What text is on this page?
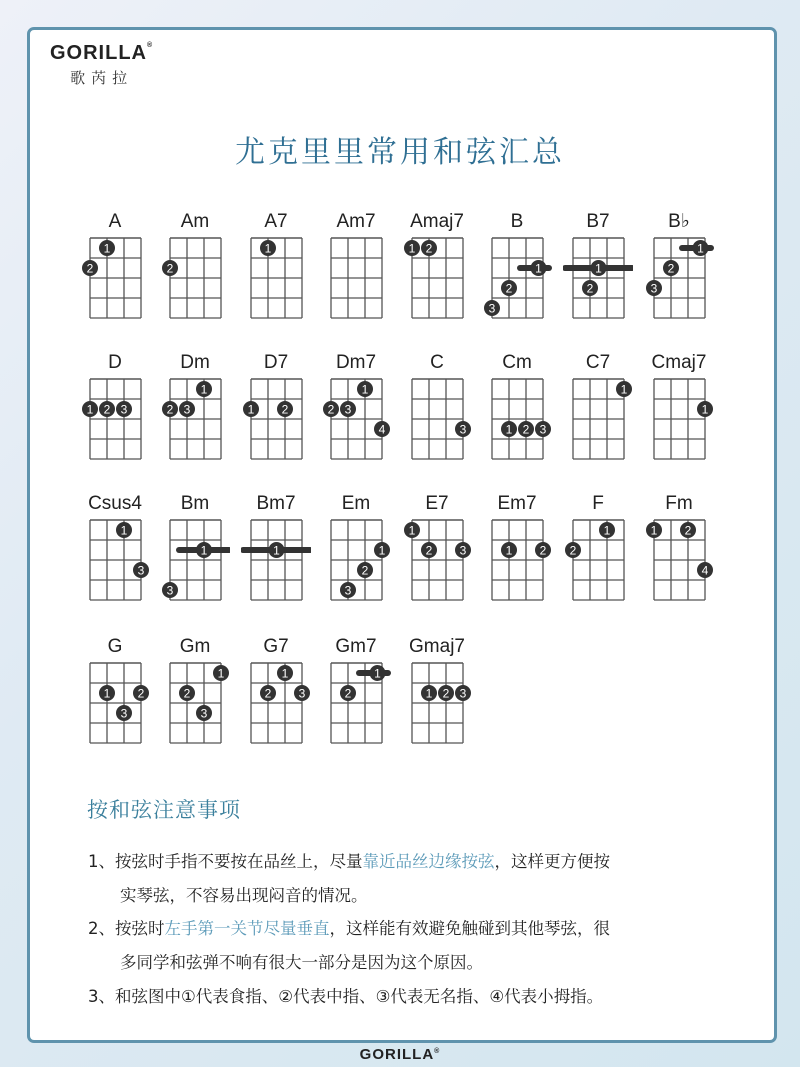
GORILLA®
歌芮拉
尤克里里常用和弦汇总
A
1
2
Am
2
A7
1
Am7	Amaj7
1 2
B
1
2
3
B7
1
2
B♭
1
2
3
D
1 2 3
Dm
1
2 3
D7
1 2
Dm7
1
2 3
4
C
3
Cm
1 2 3
C7
1
Cmaj7
1
Csus4
1
3
Bm
1
3
Bm7
1
Em
1
2
3
E7
1
2 3
Em7
1 2
F
1
2
Fm
1 2
4
G
1 2
3
Gm
1
2
3
G7
1
2 3
Gm7
1
2
Gmaj7
1 2 3
按和弦注意事项
1、按弦时手指不要按在品丝上，尽量靠近品丝边缘按弦，这样更方便按
实琴弦，不容易出现闷音的情况。
2、按弦时左手第一关节尽量垂直，这样能有效避免触碰到其他琴弦，很
多同学和弦弹不响有很大一部分是因为这个原因。
3、和弦图中①代表食指、②代表中指、③代表无名指、④代表小拇指。
GORILLA®
